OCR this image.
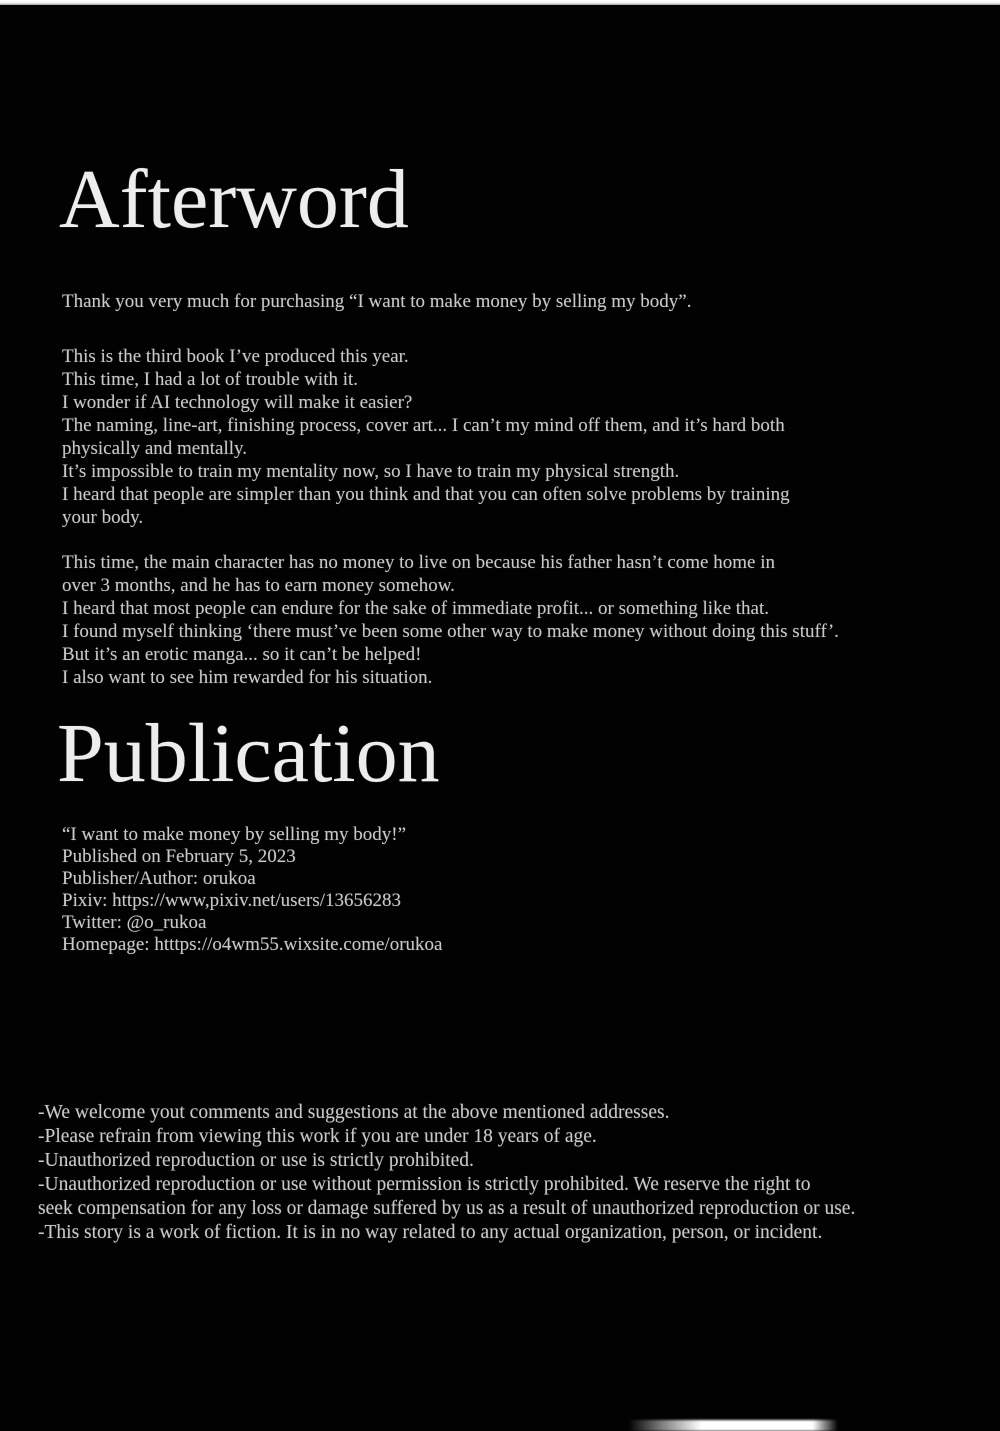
Afterword

Thank you very much for purchasing “I want to make money by selling my body”.

This is the third book I’ve produced this year.
This time, I had a lot of trouble with it.
I wonder if AI technology will make it easier?
The naming, line-art, finishing process, cover art... I can’t my mind off them, and it’s hard both
physically and mentally.
It’s impossible to train my mentality now, so I have to train my physical strength.
I heard that people are simpler than you think and that you can often solve problems by training
your body.
This time, the main character has no money to live on because his father hasn’t come home in
over 3 months, and he has to earn money somehow.
I heard that most people can endure for the sake of immediate profit... or something like that.
I found myself thinking ‘there must’ve been some other way to make money without doing this stuff’.
But it’s an erotic manga... so it can’t be helped!
I also want to see him rewarded for his situation.
Publication
“I want to make money by selling my body!”
Published on February 5, 2023
Publisher/Author: orukoa
Pixiv: https://www,pixiv.net/users/13656283
Twitter: @o_rukoa
Homepage: htttps://o4wm55.wixsite.come/orukoa
-We welcome yout comments and suggestions at the above mentioned addresses.
-Please refrain from viewing this work if you are under 18 years of age.
-Unauthorized reproduction or use is strictly prohibited.
-Unauthorized reproduction or use without permission is strictly prohibited. We reserve the right to
seek compensation for any loss or damage suffered by us as a result of unauthorized reproduction or use.
-This story is a work of fiction. It is in no way related to any actual organization, person, or incident.
